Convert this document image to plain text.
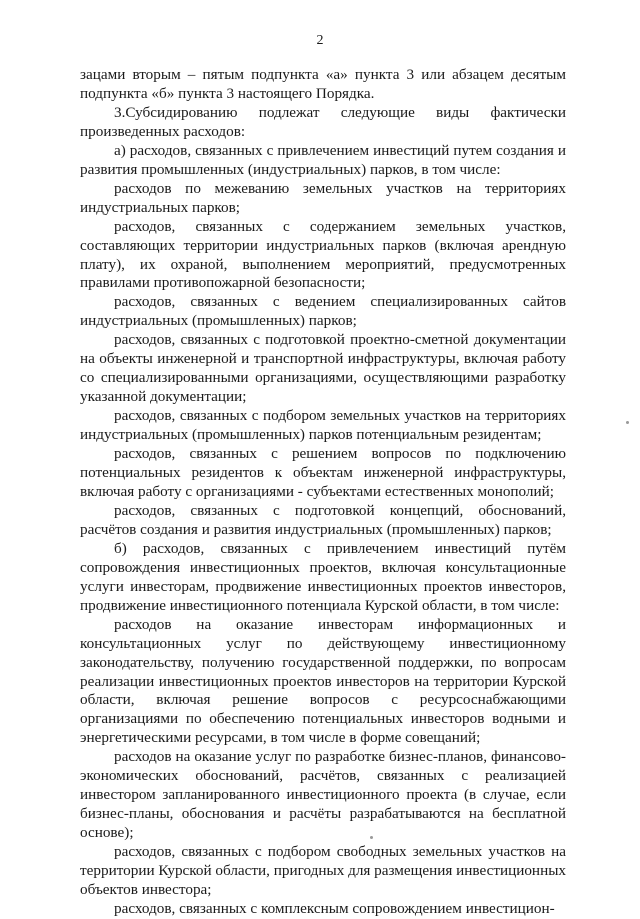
2

зацами вторым – пятым подпункта «а» пункта 3 или абзацем десятым подпункта «б» пункта 3 настоящего Порядка.

3.Субсидированию подлежат следующие виды фактически произведенных расходов:

а) расходов, связанных с привлечением инвестиций путем создания и развития промышленных (индустриальных) парков, в том числе:

расходов по межеванию земельных участков на территориях индустриальных парков;

расходов, связанных с содержанием земельных участков, составляющих территории индустриальных парков (включая арендную плату), их охраной, выполнением мероприятий, предусмотренных правилами противопожарной безопасности;

расходов, связанных с ведением специализированных сайтов индустриальных (промышленных) парков;

расходов, связанных с подготовкой проектно-сметной документации на объекты инженерной и транспортной инфраструктуры, включая работу со специализированными организациями, осуществляющими разработку указанной документации;

расходов, связанных с подбором земельных участков на территориях индустриальных (промышленных) парков потенциальным резидентам;

расходов, связанных с решением вопросов по подключению потенциальных резидентов к объектам инженерной инфраструктуры, включая работу с организациями - субъектами естественных монополий;

расходов, связанных с подготовкой концепций, обоснований, расчётов создания и развития индустриальных (промышленных) парков;

б) расходов, связанных с привлечением инвестиций путём сопровождения инвестиционных проектов, включая консультационные услуги инвесторам, продвижение инвестиционных проектов инвесторов, продвижение инвестиционного потенциала Курской области, в том числе:

расходов на оказание инвесторам информационных и консультационных услуг по действующему инвестиционному законодательству, получению государственной поддержки, по вопросам реализации инвестиционных проектов инвесторов на территории Курской области, включая решение вопросов с ресурсоснабжающими организациями по обеспечению потенциальных инвесторов водными и энергетическими ресурсами, в том числе в форме совещаний;

расходов на оказание услуг по разработке бизнес-планов, финансово-экономических обоснований, расчётов, связанных с реализацией инвестором запланированного инвестиционного проекта (в случае, если бизнес-планы, обоснования и расчёты разрабатываются на бесплатной основе);

расходов, связанных с подбором свободных земельных участков на территории Курской области, пригодных для размещения инвестиционных объектов инвестора;

расходов, связанных с комплексным сопровождением инвестицион-
